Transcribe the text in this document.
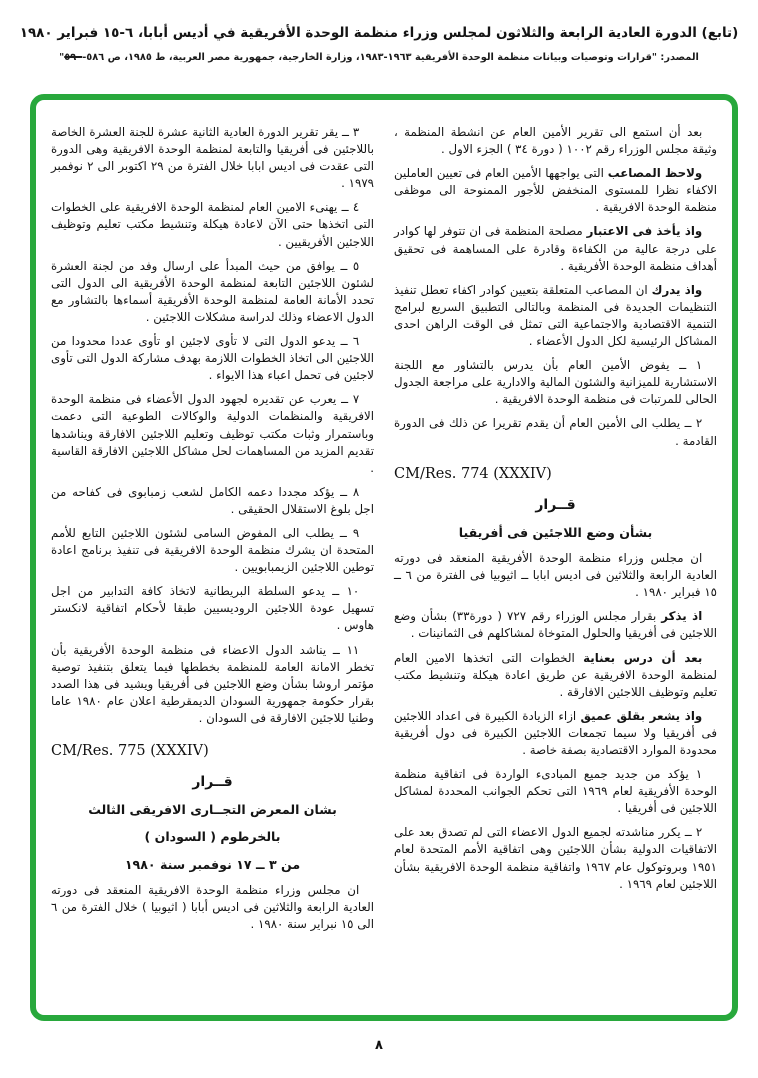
(تابع) الدورة العادية الرابعة والثلاثون لمجلس وزراء منظمة الوحدة الأفريقية في أديس أبابا، ٦-١٥ فبراير ١٩٨٠
المصدر: "قرارات وتوصيات وبيانات منظمة الوحدة الأفريقية ١٩٦٣-١٩٨٣، وزارة الخارجية، جمهورية مصر العربية، ط ١٩٨٥، ص ٥٨٦-٥٩٠"

بعد أن استمع الى تقرير الأمين العام عن انشطة المنظمة ، وثيقة مجلس الوزراء رقم ١٠٠٢ ( دورة ٣٤ ) الجزء الاول .

ولاحظ المصاعب التى يواجهها الأمين العام فى تعيين العاملين الاكفاء نظرا للمستوى المنخفض للأجور الممنوحة الى موظفى منظمة الوحدة الافريقية .

واذ يأخذ فى الاعتبار مصلحة المنظمة فى ان تتوفر لها كوادر على درجة عالية من الكفاءة وقادرة على المساهمة فى تحقيق أهداف منظمة الوحدة الأفريقية .

واذ يدرك ان المصاعب المتعلقة بتعيين كوادر اكفاء تعطل تنفيذ التنظيمات الجديدة فى المنظمة وبالتالى التطبيق السريع لبرامج التنمية الاقتصادية والاجتماعية التى تمثل فى الوقت الراهن احدى المشاكل الرئيسية لكل الدول الأعضاء .

١ ــ يفوض الأمين العام بأن يدرس بالتشاور مع اللجنة الاستشارية للميزانية والشئون المالية والادارية على مراجعة الجدول الحالى للمرتبات فى منظمة الوحدة الافريقية .

٢ ــ يطلب الى الأمين العام أن يقدم تقريرا عن ذلك فى الدورة القادمة .

CM/Res. 774 (XXXIV)
قــرار
بشأن وضع اللاجئين فى أفريقيا

ان مجلس وزراء منظمة الوحدة الأفريقية المنعقد فى دورته العادية الرابعة والثلاثين فى اديس ابابا ــ اثيوبيا فى الفترة من ٦ ــ ١٥ فبراير ١٩٨٠ .

اذ يذكر بقرار مجلس الوزراء رقم ٧٢٧ ( دورة٣٣) بشأن وضع اللاجئين فى أفريقيا والحلول المتوخاة لمشاكلهم فى الثمانينات .

بعد أن درس بعناية الخطوات التى اتخذها الامين العام لمنظمة الوحدة الافريقية عن طريق اعادة هيكلة وتنشيط مكتب تعليم وتوظيف اللاجئين الافارقة .

واذ يشعر بقلق عميق ازاء الزيادة الكبيرة فى اعداد اللاجئين فى أفريقيا ولا سيما تجمعات اللاجئين الكبيرة فى دول أفريقية محدودة الموارد الاقتصادية بصفة خاصة .

١ يؤكد من جديد جميع المبادىء الواردة فى اتفاقية منظمة الوحدة الأفريقية لعام ١٩٦٩ التى تحكم الجوانب المحددة لمشاكل اللاجئين فى أفريقيا .

٢ ــ يكرر مناشدته لجميع الدول الاعضاء التى لم تصدق بعد على الاتفاقيات الدولية بشأن اللاجئين وهى اتفاقية الأمم المتحدة لعام ١٩٥١ وبروتوكول عام ١٩٦٧ واتفاقية منظمة الوحدة الافريقية بشأن اللاجئين لعام ١٩٦٩ .

٣ ــ يقر تقرير الدورة العادية الثانية عشرة للجنة العشرة الخاصة باللاجئين فى أفريقيا والتابعة لمنظمة الوحدة الافريقية وهى الدورة التى عقدت فى اديس ابابا خلال الفترة من ٢٩ اكتوبر الى ٢ نوفمبر ١٩٧٩ .

٤ ــ يهنىء الامين العام لمنظمة الوحدة الافريقية على الخطوات التى اتخذها حتى الآن لاعادة هيكلة وتنشيط مكتب تعليم وتوظيف اللاجئين الأفريقيين .

٥ ــ يوافق من حيث المبدأ على ارسال وفد من لجنة العشرة لشئون اللاجئين التابعة لمنظمة الوحدة الأفريقية الى الدول التى تحدد الأمانة العامة لمنظمة الوحدة الأفريقية أسماءها بالتشاور مع الدول الاعضاء وذلك لدراسة مشكلات اللاجئين .

٦ ــ يدعو الدول التى لا تأوى لاجئين او تأوى عددا محدودا من اللاجئين الى اتخاذ الخطوات اللازمة بهدف مشاركة الدول التى تأوى لاجئين فى تحمل اعباء هذا الايواء .

٧ ــ يعرب عن تقديره لجهود الدول الأعضاء فى منظمة الوحدة الافريقية والمنظمات الدولية والوكالات الطوعية التى دعمت وباستمرار وثبات مكتب توظيف وتعليم اللاجئين الافارقة ويناشدها تقديم المزيد من المساهمات لحل مشاكل اللاجئين الافارقة القاسية .

٨ ــ يؤكد مجددا دعمه الكامل لشعب زمبابوى فى كفاحه من اجل بلوغ الاستقلال الحقيقى .

٩ ــ يطلب الى المفوض السامى لشئون اللاجئين التابع للأمم المتحدة ان يشرك منظمة الوحدة الافريقية فى تنفيذ برنامج اعادة توطين اللاجئين الزيمبابويين .

١٠ ــ يدعو السلطة البريطانية لاتخاذ كافة التدابير من اجل تسهيل عودة اللاجئين الروديسيين طبقا لأحكام اتفاقية لانكستر هاوس .

١١ ــ يناشد الدول الاعضاء فى منظمة الوحدة الأفريقية بأن تخطر الامانة العامة للمنظمة بخططها فيما يتعلق بتنفيذ توصية مؤتمر اروشا بشأن وضع اللاجئين فى أفريقيا ويشيد فى هذا الصدد بقرار حكومة جمهورية السودان الديمقرطية اعلان عام ١٩٨٠ عاما وطنيا للاجئين الافارقة فى السودان .

CM/Res. 775 (XXXIV)
قــرار
بشان المعرض التجــارى الافريقى الثالث
بالخرطوم ( السودان )
من ٣ ــ ١٧ نوفمبر سنة ١٩٨٠

ان مجلس وزراء منظمة الوحدة الافريقية المنعقد فى دورته العادية الرابعة والثلاثين فى اديس أبابا ( اثيوبيا ) خلال الفترة من ٦ الى ١٥ نبراير سنة ١٩٨٠ .

٨
